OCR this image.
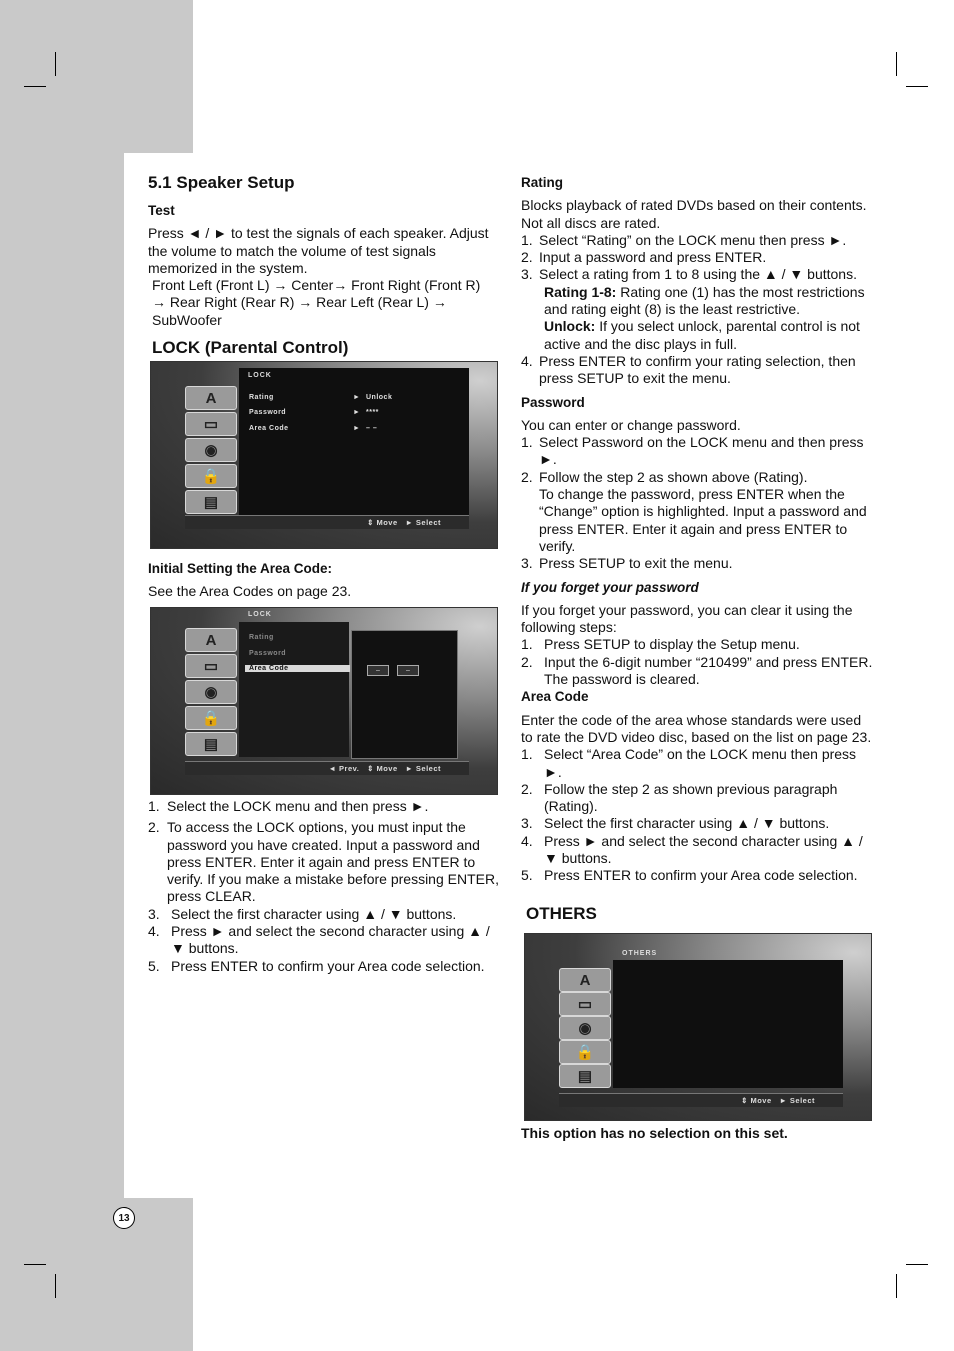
13
5.1 Speaker Setup
Test

Press ◄ / ► to test the signals of each speaker. Adjust the volume to match the volume of test signals memorized in the system.

Front Left (Front L) → Center→ Front Right (Front R) → Rear Right (Rear R) → Rear Left (Rear L) → SubWoofer

LOCK (Parental Control)
LOCK
A
▭
◉
🔒
▤
Rating
Password
Area Code
►
►
►
Unlock
****
– –
⇕ Move   ► Select
Initial Setting the Area Code:

See the Area Codes on page 23.

LOCK
A
▭
◉
🔒
▤
Rating
Password
Area Code	–	–
◄ Prev.   ⇕ Move   ► Select
1. Select the LOCK menu and then press ►.
2. To access the LOCK options, you must input the password you have created. Input a password and press ENTER. Enter it again and press ENTER to verify. If you make a mistake before pressing ENTER, press CLEAR.
3. Select the first character using ▲ / ▼ buttons.
4. Press ► and select the second character using ▲ / ▼ buttons.
5. Press ENTER to confirm your Area code selection.
Rating

Blocks playback of rated DVDs based on their contents. Not all discs are rated.

1. Select “Rating” on the LOCK menu then press ►.
2. Input a password and press ENTER.
3. Select a rating from 1 to 8 using the ▲ / ▼ buttons.
Rating 1-8: Rating one (1) has the most restrictions and rating eight (8) is the least restrictive.
Unlock: If you select unlock, parental control is not active and the disc plays in full.
4. Press ENTER to confirm your rating selection, then press SETUP to exit the menu.
Password

You can enter or change password.

1. Select Password on the LOCK menu and then press ►.
2. Follow the step 2 as shown above (Rating).
To change the password, press ENTER when the “Change” option is highlighted. Input a password and press ENTER. Enter it again and press ENTER to verify.
3. Press SETUP to exit the menu.
If you forget your password

If you forget your password, you can clear it using the following steps:

1. Press SETUP to display the Setup menu.
2. Input the 6-digit number “210499” and press ENTER. The password is cleared.
Area Code

Enter the code of the area whose standards were used to rate the DVD video disc, based on the list on page 23.

1. Select “Area Code” on the LOCK menu then press ►.
2. Follow the step 2 as shown previous paragraph (Rating).
3. Select the first character using ▲ / ▼ buttons.
4. Press ► and select the second character using ▲ / ▼ buttons.
5. Press ENTER to confirm your Area code selection.
OTHERS
OTHERS
A
▭
◉
🔒
▤
⇕ Move   ► Select

This option has no selection on this set.
